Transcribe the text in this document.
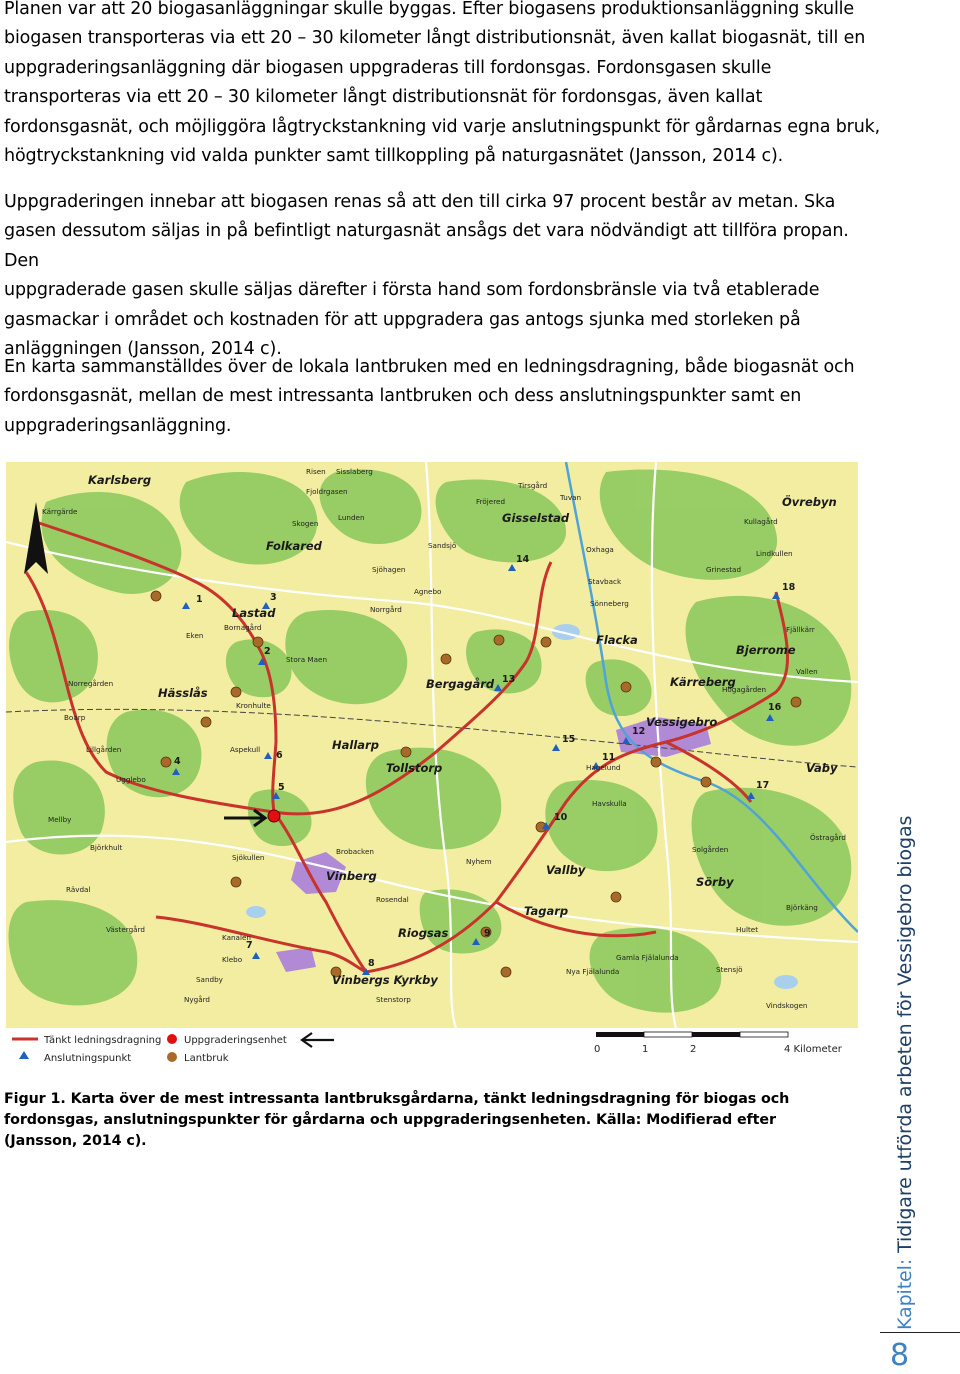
Planen var att 20 biogasanläggningar skulle byggas. Efter biogasens produktionsanläggning skulle
biogasen transporteras via ett 20 – 30 kilometer långt distributionsnät, även kallat biogasnät, till en
uppgraderingsanläggning där biogasen uppgraderas till fordonsgas. Fordonsgasen skulle
transporteras via ett 20 – 30 kilometer långt distributionsnät för fordonsgas, även kallat
fordonsgasnät, och möjliggöra lågtryckstankning vid varje anslutningspunkt för gårdarnas egna bruk,
högtryckstankning vid valda punkter samt tillkoppling på naturgasnätet (Jansson, 2014 c).

Uppgraderingen innebar att biogasen renas så att den till cirka 97 procent består av metan. Ska
gasen dessutom säljas in på befintligt naturgasnät ansågs det vara nödvändigt att tillföra propan. Den
uppgraderade gasen skulle säljas därefter i första hand som fordonsbränsle via två etablerade
gasmackar i området och kostnaden för att uppgradera gas antogs sjunka med storleken på
anläggningen (Jansson, 2014 c).

En karta sammanställdes över de lokala lantbruken med en ledningsdragning, både biogasnät och
fordonsgasnät, mellan de mest intressanta lantbruken och dess anslutningspunkter samt en
uppgraderingsanläggning.

Karlsberg
Folkared
Lastad
Hässlås
Hallarp
Vinberg
Vinbergs Kyrkby
Gisselstad
Bergagård
Tollstorp
Vessigebro
Kärreberg
Flacka
Övrebyn
Bjerrome
Vaby
Vallby
Tagarp
Sörby
Riogsas
Risen Sisslaberg
Fjoldrgasen
Lunden
Kärrgärde
Skogen
Bornagård
Eken
Norregården
Kronhulte
Stora Maen
Aspekull
Boarp
Lillgården
Ugglebo
Mellby
Björkhult
Rävdal
Västergård
Kanalen
Stenstorp
Sandby
Klebo
Nygård
Sjökullen
Brobacken
Rosendal
Norrgård
Sjöhagen
Agnebo
Sandsjö
Tirsgård
Stavback
Oxhaga
Fröjered	Tuvan
Sönneberg
Kullagård
Grinestad
Lindkullen
Fjällkärr
Vallen
Högagården
Östragård
Solgården
Hagelund
Gamla Fjälalunda
Nya Fjälalunda	Stensjö
Hultet
Björkäng
Vindskogen
Nyhem
Havskulla
1
2
3
4
5
6
7
8
9
10
11
12
13
14
15
16
17
18
Tänkt ledningsdragning
Anslutningspunkt
Uppgraderingsenhet
Lantbruk
0	1	2	4 Kilometer

Figur 1. Karta över de mest intressanta lantbruksgårdarna, tänkt ledningsdragning för biogas och fordonsgas, anslutningspunkter för gårdarna och uppgraderingsenheten. Källa: Modifierad efter (Jansson, 2014 c).

Kapitel: Tidigare utförda arbeten för Vessigebro biogas
8
